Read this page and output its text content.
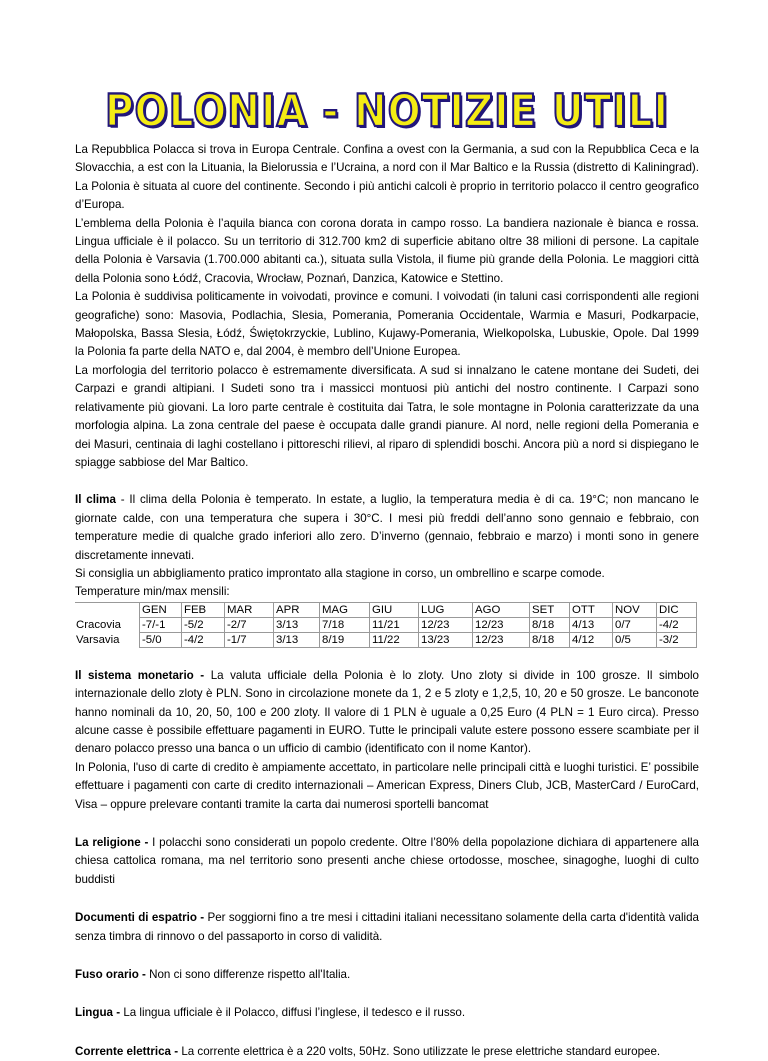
POLONIA - NOTIZIE UTILI

La Repubblica Polacca si trova in Europa Centrale. Confina a ovest con la Germania, a sud con la Repubblica Ceca e la Slovacchia, a est con la Lituania, la Bielorussia e l’Ucraina, a nord con il Mar Baltico e la Russia (distretto di Kaliningrad). La Polonia è situata al cuore del continente. Secondo i più antichi calcoli è proprio in territorio polacco il centro geografico d’Europa.

L’emblema della Polonia è l’aquila bianca con corona dorata in campo rosso. La bandiera nazionale è bianca e rossa. Lingua ufficiale è il polacco. Su un territorio di 312.700 km2 di superficie abitano oltre 38 milioni di persone. La capitale della Polonia è Varsavia (1.700.000 abitanti ca.), situata sulla Vistola, il fiume più grande della Polonia. Le maggiori città della Polonia sono Łódź, Cracovia, Wrocław, Poznań, Danzica, Katowice e Stettino.

La Polonia è suddivisa politicamente in voivodati, province e comuni. I voivodati (in taluni casi corrispondenti alle regioni geografiche) sono: Masovia, Podlachia, Slesia, Pomerania, Pomerania Occidentale, Warmia e Masuri, Podkarpacie, Małopolska, Bassa Slesia, Łódź, Świętokrzyckie, Lublino, Kujawy-Pomerania, Wielkopolska, Lubuskie, Opole. Dal 1999 la Polonia fa parte della NATO e, dal 2004, è membro dell’Unione Europea.

La morfologia del territorio polacco è estremamente diversificata. A sud si innalzano le catene montane dei Sudeti, dei Carpazi e grandi altipiani. I Sudeti sono tra i massicci montuosi più antichi del nostro continente. I Carpazi sono relativamente più giovani. La loro parte centrale è costituita dai Tatra, le sole montagne in Polonia caratterizzate da una morfologia alpina. La zona centrale del paese è occupata dalle grandi pianure. Al nord, nelle regioni della Pomerania e dei Masuri, centinaia di laghi costellano i pittoreschi rilievi, al riparo di splendidi boschi. Ancora più a nord si dispiegano le spiagge sabbiose del Mar Baltico.

Il clima - Il clima della Polonia è temperato. In estate, a luglio, la temperatura media è di ca. 19°C; non mancano le giornate calde, con una temperatura che supera i 30°C. I mesi più freddi dell’anno sono gennaio e febbraio, con temperature medie di qualche grado inferiori allo zero. D’inverno (gennaio, febbraio e marzo) i monti sono in genere discretamente innevati.

Si consiglia un abbigliamento pratico improntato alla stagione in corso, un ombrellino e scarpe comode.

Temperature min/max mensili:

	GEN	FEB	MAR	APR	MAG	GIU	LUG	AGO	SET	OTT	NOV	DIC
Cracovia	-7/-1	-5/2	-2/7	3/13	7/18	11/21	12/23	12/23	8/18	4/13	0/7	-4/2
Varsavia	-5/0	-4/2	-1/7	3/13	8/19	11/22	13/23	12/23	8/18	4/12	0/5	-3/2

Il sistema monetario - La valuta ufficiale della Polonia è lo zloty. Uno zloty si divide in 100 grosze. Il simbolo internazionale dello zloty è PLN. Sono in circolazione monete da 1, 2 e 5 zloty e 1,2,5, 10, 20 e 50 grosze. Le banconote hanno nominali da 10, 20, 50, 100 e 200 zloty. Il valore di 1 PLN è uguale a 0,25 Euro (4 PLN = 1 Euro circa). Presso alcune casse è possibile effettuare pagamenti in EURO. Tutte le principali valute estere possono essere scambiate per il denaro polacco presso una banca o un ufficio di cambio (identificato con il nome Kantor).

In Polonia, l'uso di carte di credito è ampiamente accettato, in particolare nelle principali città e luoghi turistici. E’ possibile effettuare i pagamenti con carte di credito internazionali – American Express, Diners Club, JCB, MasterCard / EuroCard, Visa – oppure prelevare contanti tramite la carta dai numerosi sportelli bancomat

La religione - I polacchi sono considerati un popolo credente. Oltre l’80% della popolazione dichiara di appartenere alla chiesa cattolica romana, ma nel territorio sono presenti anche chiese ortodosse, moschee, sinagoghe, luoghi di culto buddisti

Documenti di espatrio - Per soggiorni fino a tre mesi i cittadini italiani necessitano solamente della carta d'identità valida senza timbra di rinnovo o del passaporto in corso di validità.

Fuso orario - Non ci sono differenze rispetto all'Italia.

Lingua - La lingua ufficiale è il Polacco, diffusi l’inglese, il tedesco e il russo.

Corrente elettrica - La corrente elettrica è a 220 volts, 50Hz. Sono utilizzate le prese elettriche standard europee.
